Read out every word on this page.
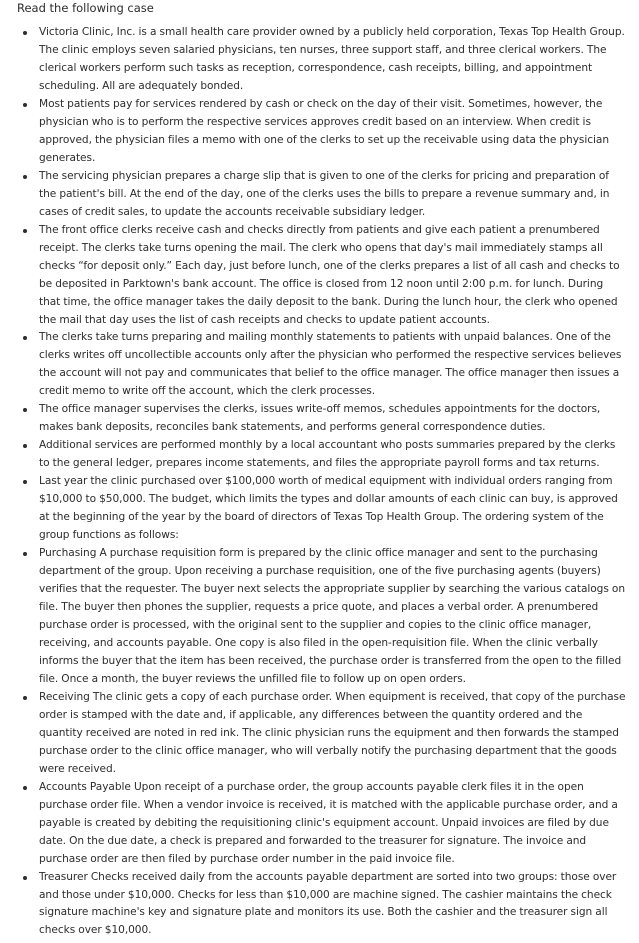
Read the following case
Victoria Clinic, Inc. is a small health care provider owned by a publicly held corporation, Texas Top Health Group. The clinic employs seven salaried physicians, ten nurses, three support staff, and three clerical workers. The clerical workers perform such tasks as reception, correspondence, cash receipts, billing, and appointment scheduling. All are adequately bonded.
Most patients pay for services rendered by cash or check on the day of their visit. Sometimes, however, the physician who is to perform the respective services approves credit based on an interview. When credit is approved, the physician files a memo with one of the clerks to set up the receivable using data the physician generates.
The servicing physician prepares a charge slip that is given to one of the clerks for pricing and preparation of the patient's bill. At the end of the day, one of the clerks uses the bills to prepare a revenue summary and, in cases of credit sales, to update the accounts receivable subsidiary ledger.
The front office clerks receive cash and checks directly from patients and give each patient a prenumbered receipt. The clerks take turns opening the mail. The clerk who opens that day's mail immediately stamps all checks “for deposit only.” Each day, just before lunch, one of the clerks prepares a list of all cash and checks to be deposited in Parktown's bank account. The office is closed from 12 noon until 2:00 p.m. for lunch. During that time, the office manager takes the daily deposit to the bank. During the lunch hour, the clerk who opened the mail that day uses the list of cash receipts and checks to update patient accounts.
The clerks take turns preparing and mailing monthly statements to patients with unpaid balances. One of the clerks writes off uncollectible accounts only after the physician who performed the respective services believes the account will not pay and communicates that belief to the office manager. The office manager then issues a credit memo to write off the account, which the clerk processes.
The office manager supervises the clerks, issues write-off memos, schedules appointments for the doctors, makes bank deposits, reconciles bank statements, and performs general correspondence duties.
Additional services are performed monthly by a local accountant who posts summaries prepared by the clerks to the general ledger, prepares income statements, and files the appropriate payroll forms and tax returns.
Last year the clinic purchased over $100,000 worth of medical equipment with individual orders ranging from $10,000 to $50,000. The budget, which limits the types and dollar amounts of each clinic can buy, is approved at the beginning of the year by the board of directors of Texas Top Health Group. The ordering system of the group functions as follows:
Purchasing A purchase requisition form is prepared by the clinic office manager and sent to the purchasing department of the group. Upon receiving a purchase requisition, one of the five purchasing agents (buyers) verifies that the requester. The buyer next selects the appropriate supplier by searching the various catalogs on file. The buyer then phones the supplier, requests a price quote, and places a verbal order. A prenumbered purchase order is processed, with the original sent to the supplier and copies to the clinic office manager, receiving, and accounts payable. One copy is also filed in the open-requisition file. When the clinic verbally informs the buyer that the item has been received, the purchase order is transferred from the open to the filled file. Once a month, the buyer reviews the unfilled file to follow up on open orders.
Receiving The clinic gets a copy of each purchase order. When equipment is received, that copy of the purchase order is stamped with the date and, if applicable, any differences between the quantity ordered and the quantity received are noted in red ink. The clinic physician runs the equipment and then forwards the stamped purchase order to the clinic office manager, who will verbally notify the purchasing department that the goods were received.
Accounts Payable Upon receipt of a purchase order, the group accounts payable clerk files it in the open purchase order file. When a vendor invoice is received, it is matched with the applicable purchase order, and a payable is created by debiting the requisitioning clinic's equipment account. Unpaid invoices are filed by due date. On the due date, a check is prepared and forwarded to the treasurer for signature. The invoice and purchase order are then filed by purchase order number in the paid invoice file.
Treasurer Checks received daily from the accounts payable department are sorted into two groups: those over and those under $10,000. Checks for less than $10,000 are machine signed. The cashier maintains the check signature machine's key and signature plate and monitors its use. Both the cashier and the treasurer sign all checks over $10,000.
